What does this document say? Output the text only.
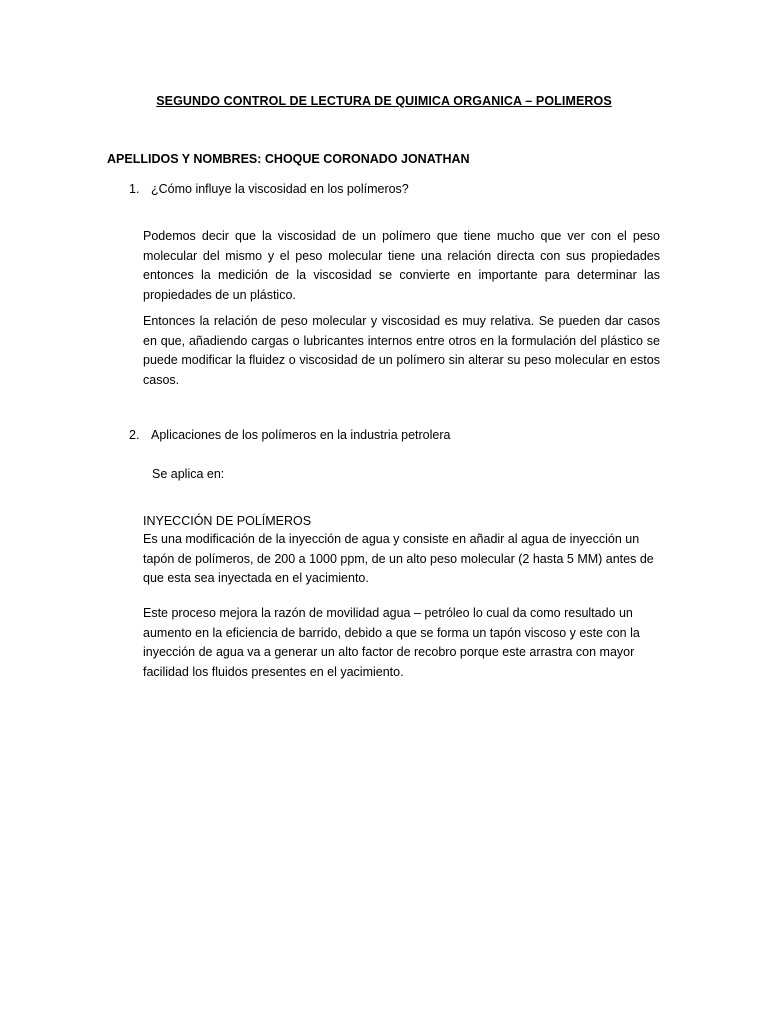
SEGUNDO CONTROL DE LECTURA DE QUIMICA ORGANICA – POLIMEROS
APELLIDOS Y NOMBRES: CHOQUE CORONADO JONATHAN
1. ¿Cómo influye la viscosidad en los polímeros?

Podemos decir que la viscosidad de un polímero que tiene mucho que ver con el peso molecular del mismo y el peso molecular tiene una relación directa con sus propiedades entonces la medición de la viscosidad se convierte en importante para determinar las propiedades de un plástico.

Entonces la relación de peso molecular y viscosidad es muy relativa. Se pueden dar casos en que, añadiendo cargas o lubricantes internos entre otros en la formulación del plástico se puede modificar la fluidez o viscosidad de un polímero sin alterar su peso molecular en estos casos.

2. Aplicaciones de los polímeros en la industria petrolera
Se aplica en:
INYECCIÓN DE POLÍMEROS

Es una modificación de la inyección de agua y consiste en añadir al agua de inyección un tapón de polímeros, de 200 a 1000 ppm, de un alto peso molecular (2 hasta 5 MM) antes de que esta sea inyectada en el yacimiento.

Este proceso mejora la razón de movilidad agua – petróleo lo cual da como resultado un aumento en la eficiencia de barrido, debido a que se forma un tapón viscoso y este con la inyección de agua va a generar un alto factor de recobro porque este arrastra con mayor facilidad los fluidos presentes en el yacimiento.
